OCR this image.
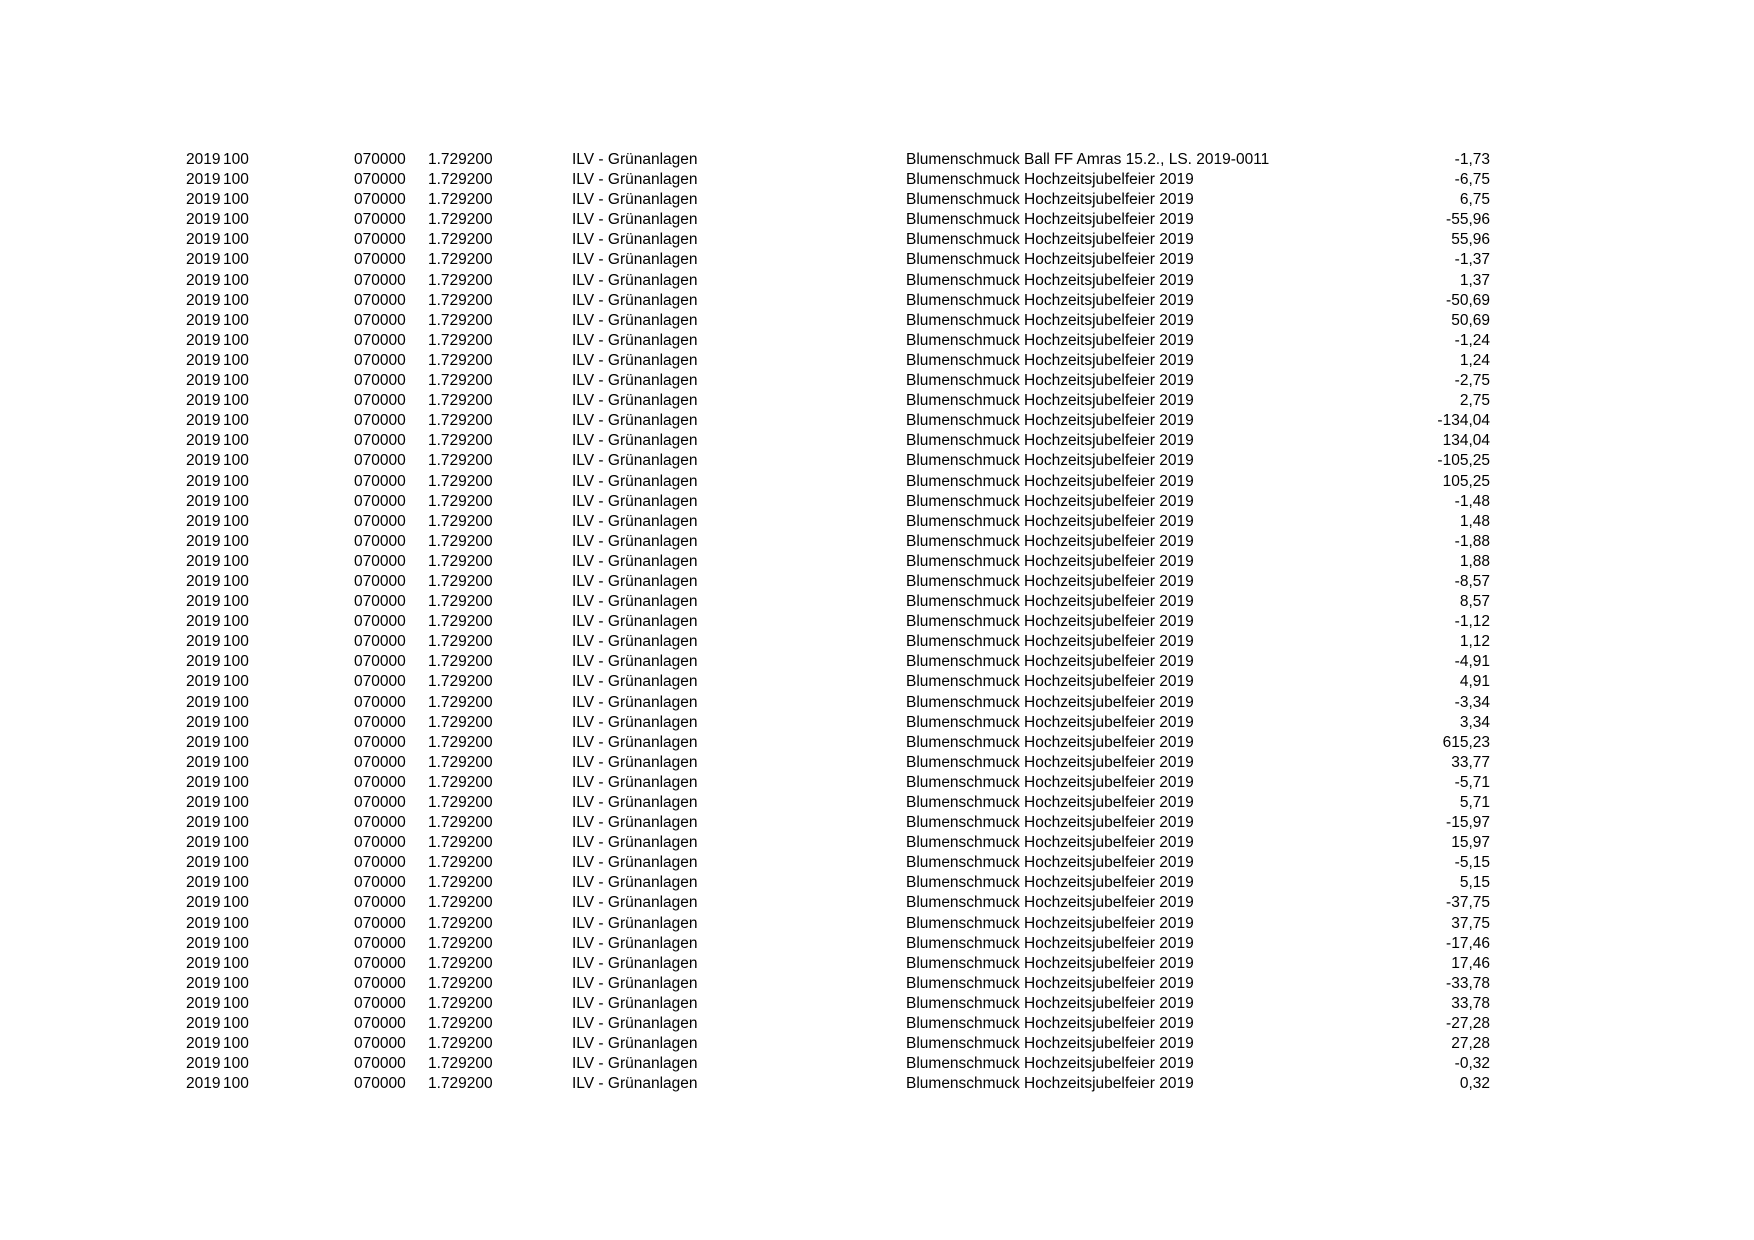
2019 100	070000 1.729200	ILV - Grünanlagen	Blumenschmuck Ball FF Amras 15.2., LS. 2019-0011	-1,73
2019 100	070000 1.729200	ILV - Grünanlagen	Blumenschmuck Hochzeitsjubelfeier 2019	-6,75
2019 100	070000 1.729200	ILV - Grünanlagen	Blumenschmuck Hochzeitsjubelfeier 2019	6,75
2019 100	070000 1.729200	ILV - Grünanlagen	Blumenschmuck Hochzeitsjubelfeier 2019	-55,96
2019 100	070000 1.729200	ILV - Grünanlagen	Blumenschmuck Hochzeitsjubelfeier 2019	55,96
2019 100	070000 1.729200	ILV - Grünanlagen	Blumenschmuck Hochzeitsjubelfeier 2019	-1,37
2019 100	070000 1.729200	ILV - Grünanlagen	Blumenschmuck Hochzeitsjubelfeier 2019	1,37
2019 100	070000 1.729200	ILV - Grünanlagen	Blumenschmuck Hochzeitsjubelfeier 2019	-50,69
2019 100	070000 1.729200	ILV - Grünanlagen	Blumenschmuck Hochzeitsjubelfeier 2019	50,69
2019 100	070000 1.729200	ILV - Grünanlagen	Blumenschmuck Hochzeitsjubelfeier 2019	-1,24
2019 100	070000 1.729200	ILV - Grünanlagen	Blumenschmuck Hochzeitsjubelfeier 2019	1,24
2019 100	070000 1.729200	ILV - Grünanlagen	Blumenschmuck Hochzeitsjubelfeier 2019	-2,75
2019 100	070000 1.729200	ILV - Grünanlagen	Blumenschmuck Hochzeitsjubelfeier 2019	2,75
2019 100	070000 1.729200	ILV - Grünanlagen	Blumenschmuck Hochzeitsjubelfeier 2019	-134,04
2019 100	070000 1.729200	ILV - Grünanlagen	Blumenschmuck Hochzeitsjubelfeier 2019	134,04
2019 100	070000 1.729200	ILV - Grünanlagen	Blumenschmuck Hochzeitsjubelfeier 2019	-105,25
2019 100	070000 1.729200	ILV - Grünanlagen	Blumenschmuck Hochzeitsjubelfeier 2019	105,25
2019 100	070000 1.729200	ILV - Grünanlagen	Blumenschmuck Hochzeitsjubelfeier 2019	-1,48
2019 100	070000 1.729200	ILV - Grünanlagen	Blumenschmuck Hochzeitsjubelfeier 2019	1,48
2019 100	070000 1.729200	ILV - Grünanlagen	Blumenschmuck Hochzeitsjubelfeier 2019	-1,88
2019 100	070000 1.729200	ILV - Grünanlagen	Blumenschmuck Hochzeitsjubelfeier 2019	1,88
2019 100	070000 1.729200	ILV - Grünanlagen	Blumenschmuck Hochzeitsjubelfeier 2019	-8,57
2019 100	070000 1.729200	ILV - Grünanlagen	Blumenschmuck Hochzeitsjubelfeier 2019	8,57
2019 100	070000 1.729200	ILV - Grünanlagen	Blumenschmuck Hochzeitsjubelfeier 2019	-1,12
2019 100	070000 1.729200	ILV - Grünanlagen	Blumenschmuck Hochzeitsjubelfeier 2019	1,12
2019 100	070000 1.729200	ILV - Grünanlagen	Blumenschmuck Hochzeitsjubelfeier 2019	-4,91
2019 100	070000 1.729200	ILV - Grünanlagen	Blumenschmuck Hochzeitsjubelfeier 2019	4,91
2019 100	070000 1.729200	ILV - Grünanlagen	Blumenschmuck Hochzeitsjubelfeier 2019	-3,34
2019 100	070000 1.729200	ILV - Grünanlagen	Blumenschmuck Hochzeitsjubelfeier 2019	3,34
2019 100	070000 1.729200	ILV - Grünanlagen	Blumenschmuck Hochzeitsjubelfeier 2019	615,23
2019 100	070000 1.729200	ILV - Grünanlagen	Blumenschmuck Hochzeitsjubelfeier 2019	33,77
2019 100	070000 1.729200	ILV - Grünanlagen	Blumenschmuck Hochzeitsjubelfeier 2019	-5,71
2019 100	070000 1.729200	ILV - Grünanlagen	Blumenschmuck Hochzeitsjubelfeier 2019	5,71
2019 100	070000 1.729200	ILV - Grünanlagen	Blumenschmuck Hochzeitsjubelfeier 2019	-15,97
2019 100	070000 1.729200	ILV - Grünanlagen	Blumenschmuck Hochzeitsjubelfeier 2019	15,97
2019 100	070000 1.729200	ILV - Grünanlagen	Blumenschmuck Hochzeitsjubelfeier 2019	-5,15
2019 100	070000 1.729200	ILV - Grünanlagen	Blumenschmuck Hochzeitsjubelfeier 2019	5,15
2019 100	070000 1.729200	ILV - Grünanlagen	Blumenschmuck Hochzeitsjubelfeier 2019	-37,75
2019 100	070000 1.729200	ILV - Grünanlagen	Blumenschmuck Hochzeitsjubelfeier 2019	37,75
2019 100	070000 1.729200	ILV - Grünanlagen	Blumenschmuck Hochzeitsjubelfeier 2019	-17,46
2019 100	070000 1.729200	ILV - Grünanlagen	Blumenschmuck Hochzeitsjubelfeier 2019	17,46
2019 100	070000 1.729200	ILV - Grünanlagen	Blumenschmuck Hochzeitsjubelfeier 2019	-33,78
2019 100	070000 1.729200	ILV - Grünanlagen	Blumenschmuck Hochzeitsjubelfeier 2019	33,78
2019 100	070000 1.729200	ILV - Grünanlagen	Blumenschmuck Hochzeitsjubelfeier 2019	-27,28
2019 100	070000 1.729200	ILV - Grünanlagen	Blumenschmuck Hochzeitsjubelfeier 2019	27,28
2019 100	070000 1.729200	ILV - Grünanlagen	Blumenschmuck Hochzeitsjubelfeier 2019	-0,32
2019 100	070000 1.729200	ILV - Grünanlagen	Blumenschmuck Hochzeitsjubelfeier 2019	0,32
